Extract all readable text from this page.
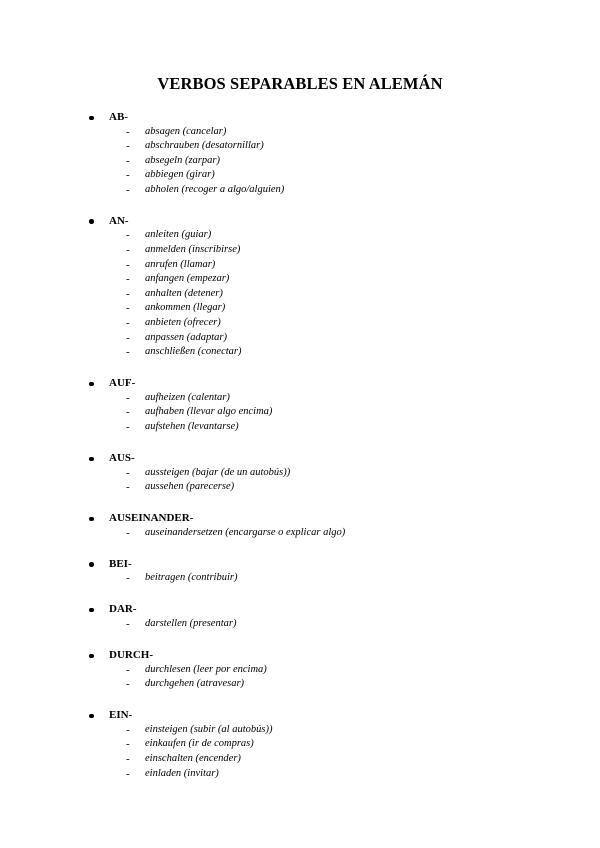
VERBOS SEPARABLES EN ALEMÁN
AB-
- absagen (cancelar)
- abschrauben (desatornillar)
- absegeln (zarpar)
- abbiegen (girar)
- abholen (recoger a algo/alguien)
AN-
- anleiten (guiar)
- anmelden (inscribirse)
- anrufen (llamar)
- anfangen (empezar)
- anhalten (detener)
- ankommen (llegar)
- anbieten (ofrecer)
- anpassen (adaptar)
- anschließen (conectar)
AUF-
- aufheizen (calentar)
- aufhaben (llevar algo encima)
- aufstehen (levantarse)
AUS-
- aussteigen (bajar (de un autobús))
- aussehen (parecerse)
AUSEINANDER-
- auseinandersetzen (encargarse o explicar algo)
BEI-
- beitragen (contribuir)
DAR-
- darstellen (presentar)
DURCH-
- durchlesen (leer por encima)
- durchgehen (atravesar)
EIN-
- einsteigen (subir (al autobús))
- einkaufen (ir de compras)
- einschalten (encender)
- einladen (invitar)
